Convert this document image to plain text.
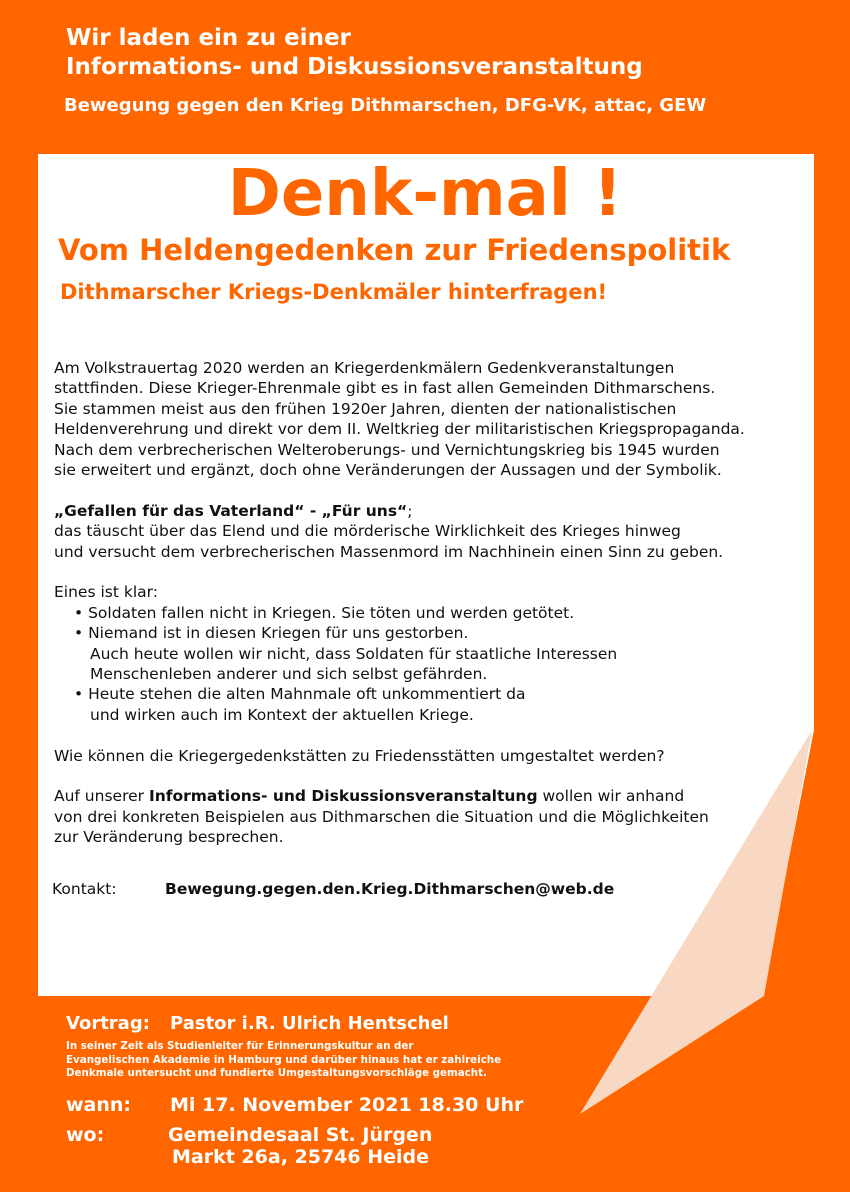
Wir laden ein zu einer
Informations- und Diskussionsveranstaltung
Bewegung gegen den Krieg Dithmarschen, DFG-VK, attac, GEW
Denk-mal !
Vom Heldengedenken zur Friedenspolitik
Dithmarscher Kriegs-Denkmäler hinterfragen!

Am Volkstrauertag 2020 werden an Kriegerdenkmälern Gedenkveranstaltungen

stattfinden. Diese Krieger-Ehrenmale gibt es in fast allen Gemeinden Dithmarschens.

Sie stammen meist aus den frühen 1920er Jahren, dienten der nationalistischen

Heldenverehrung und direkt vor dem II. Weltkrieg der militaristischen Kriegspropaganda.

Nach dem verbrecherischen Welteroberungs- und Vernichtungskrieg bis 1945 wurden

sie erweitert und ergänzt, doch ohne Veränderungen der Aussagen und der Symbolik.

„Gefallen für das Vaterland“ - „Für uns“;

das täuscht über das Elend und die mörderische Wirklichkeit des Krieges hinweg

und versucht dem verbrecherischen Massenmord im Nachhinein einen Sinn zu geben.

Eines ist klar:

• Soldaten fallen nicht in Kriegen. Sie töten und werden getötet.

• Niemand ist in diesen Kriegen für uns gestorben.

Auch heute wollen wir nicht, dass Soldaten für staatliche Interessen

Menschenleben anderer und sich selbst gefährden.

• Heute stehen die alten Mahnmale oft unkommentiert da

und wirken auch im Kontext der aktuellen Kriege.

Wie können die Kriegergedenkstätten zu Friedensstätten umgestaltet werden?

Auf unserer Informations- und Diskussionsveranstaltung wollen wir anhand

von drei konkreten Beispielen aus Dithmarschen die Situation und die Möglichkeiten

zur Veränderung besprechen.

Kontakt:	Bewegung.gegen.den.Krieg.Dithmarschen@web.de
Vortrag: Pastor i.R. Ulrich Hentschel

In seiner Zeit als Studienleiter für Erinnerungskultur an der

Evangelischen Akademie in Hamburg und darüber hinaus hat er zahlreiche

Denkmale untersucht und fundierte Umgestaltungsvorschläge gemacht.

wann: Mi 17. November 2021 18.30 Uhr
wo:	Gemeindesaal St. Jürgen
Markt 26a, 25746 Heide
